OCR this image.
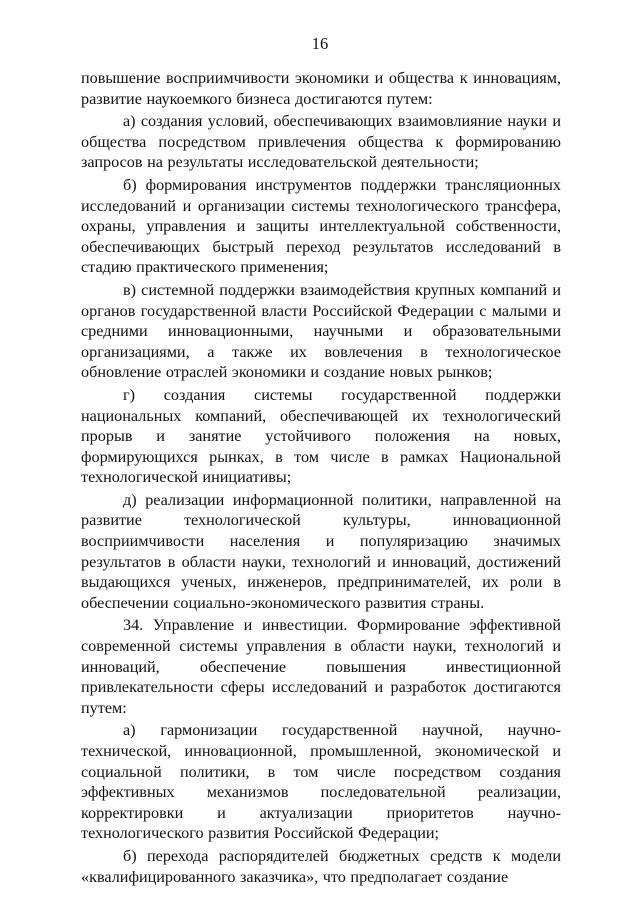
16

повышение восприимчивости экономики и общества к инновациям, развитие наукоемкого бизнеса достигаются путем:

а) создания условий, обеспечивающих взаимовлияние науки и общества посредством привлечения общества к формированию запросов на результаты исследовательской деятельности;

б) формирования инструментов поддержки трансляционных исследований и организации системы технологического трансфера, охраны, управления и защиты интеллектуальной собственности, обеспечивающих быстрый переход результатов исследований в стадию практического применения;

в) системной поддержки взаимодействия крупных компаний и органов государственной власти Российской Федерации с малыми и средними инновационными, научными и образовательными организациями, а также их вовлечения в технологическое обновление отраслей экономики и создание новых рынков;

г) создания системы государственной поддержки национальных компаний, обеспечивающей их технологический прорыв и занятие устойчивого положения на новых, формирующихся рынках, в том числе в рамках Национальной технологической инициативы;

д) реализации информационной политики, направленной на развитие технологической культуры, инновационной восприимчивости населения и популяризацию значимых результатов в области науки, технологий и инноваций, достижений выдающихся ученых, инженеров, предпринимателей, их роли в обеспечении социально-экономического развития страны.

34. Управление и инвестиции. Формирование эффективной современной системы управления в области науки, технологий и инноваций, обеспечение повышения инвестиционной привлекательности сферы исследований и разработок достигаются путем:

а) гармонизации государственной научной, научно-технической, инновационной, промышленной, экономической и социальной политики, в том числе посредством создания эффективных механизмов последовательной реализации, корректировки и актуализации приоритетов научно-технологического развития Российской Федерации;

б) перехода распорядителей бюджетных средств к модели «квалифицированного заказчика», что предполагает создание
